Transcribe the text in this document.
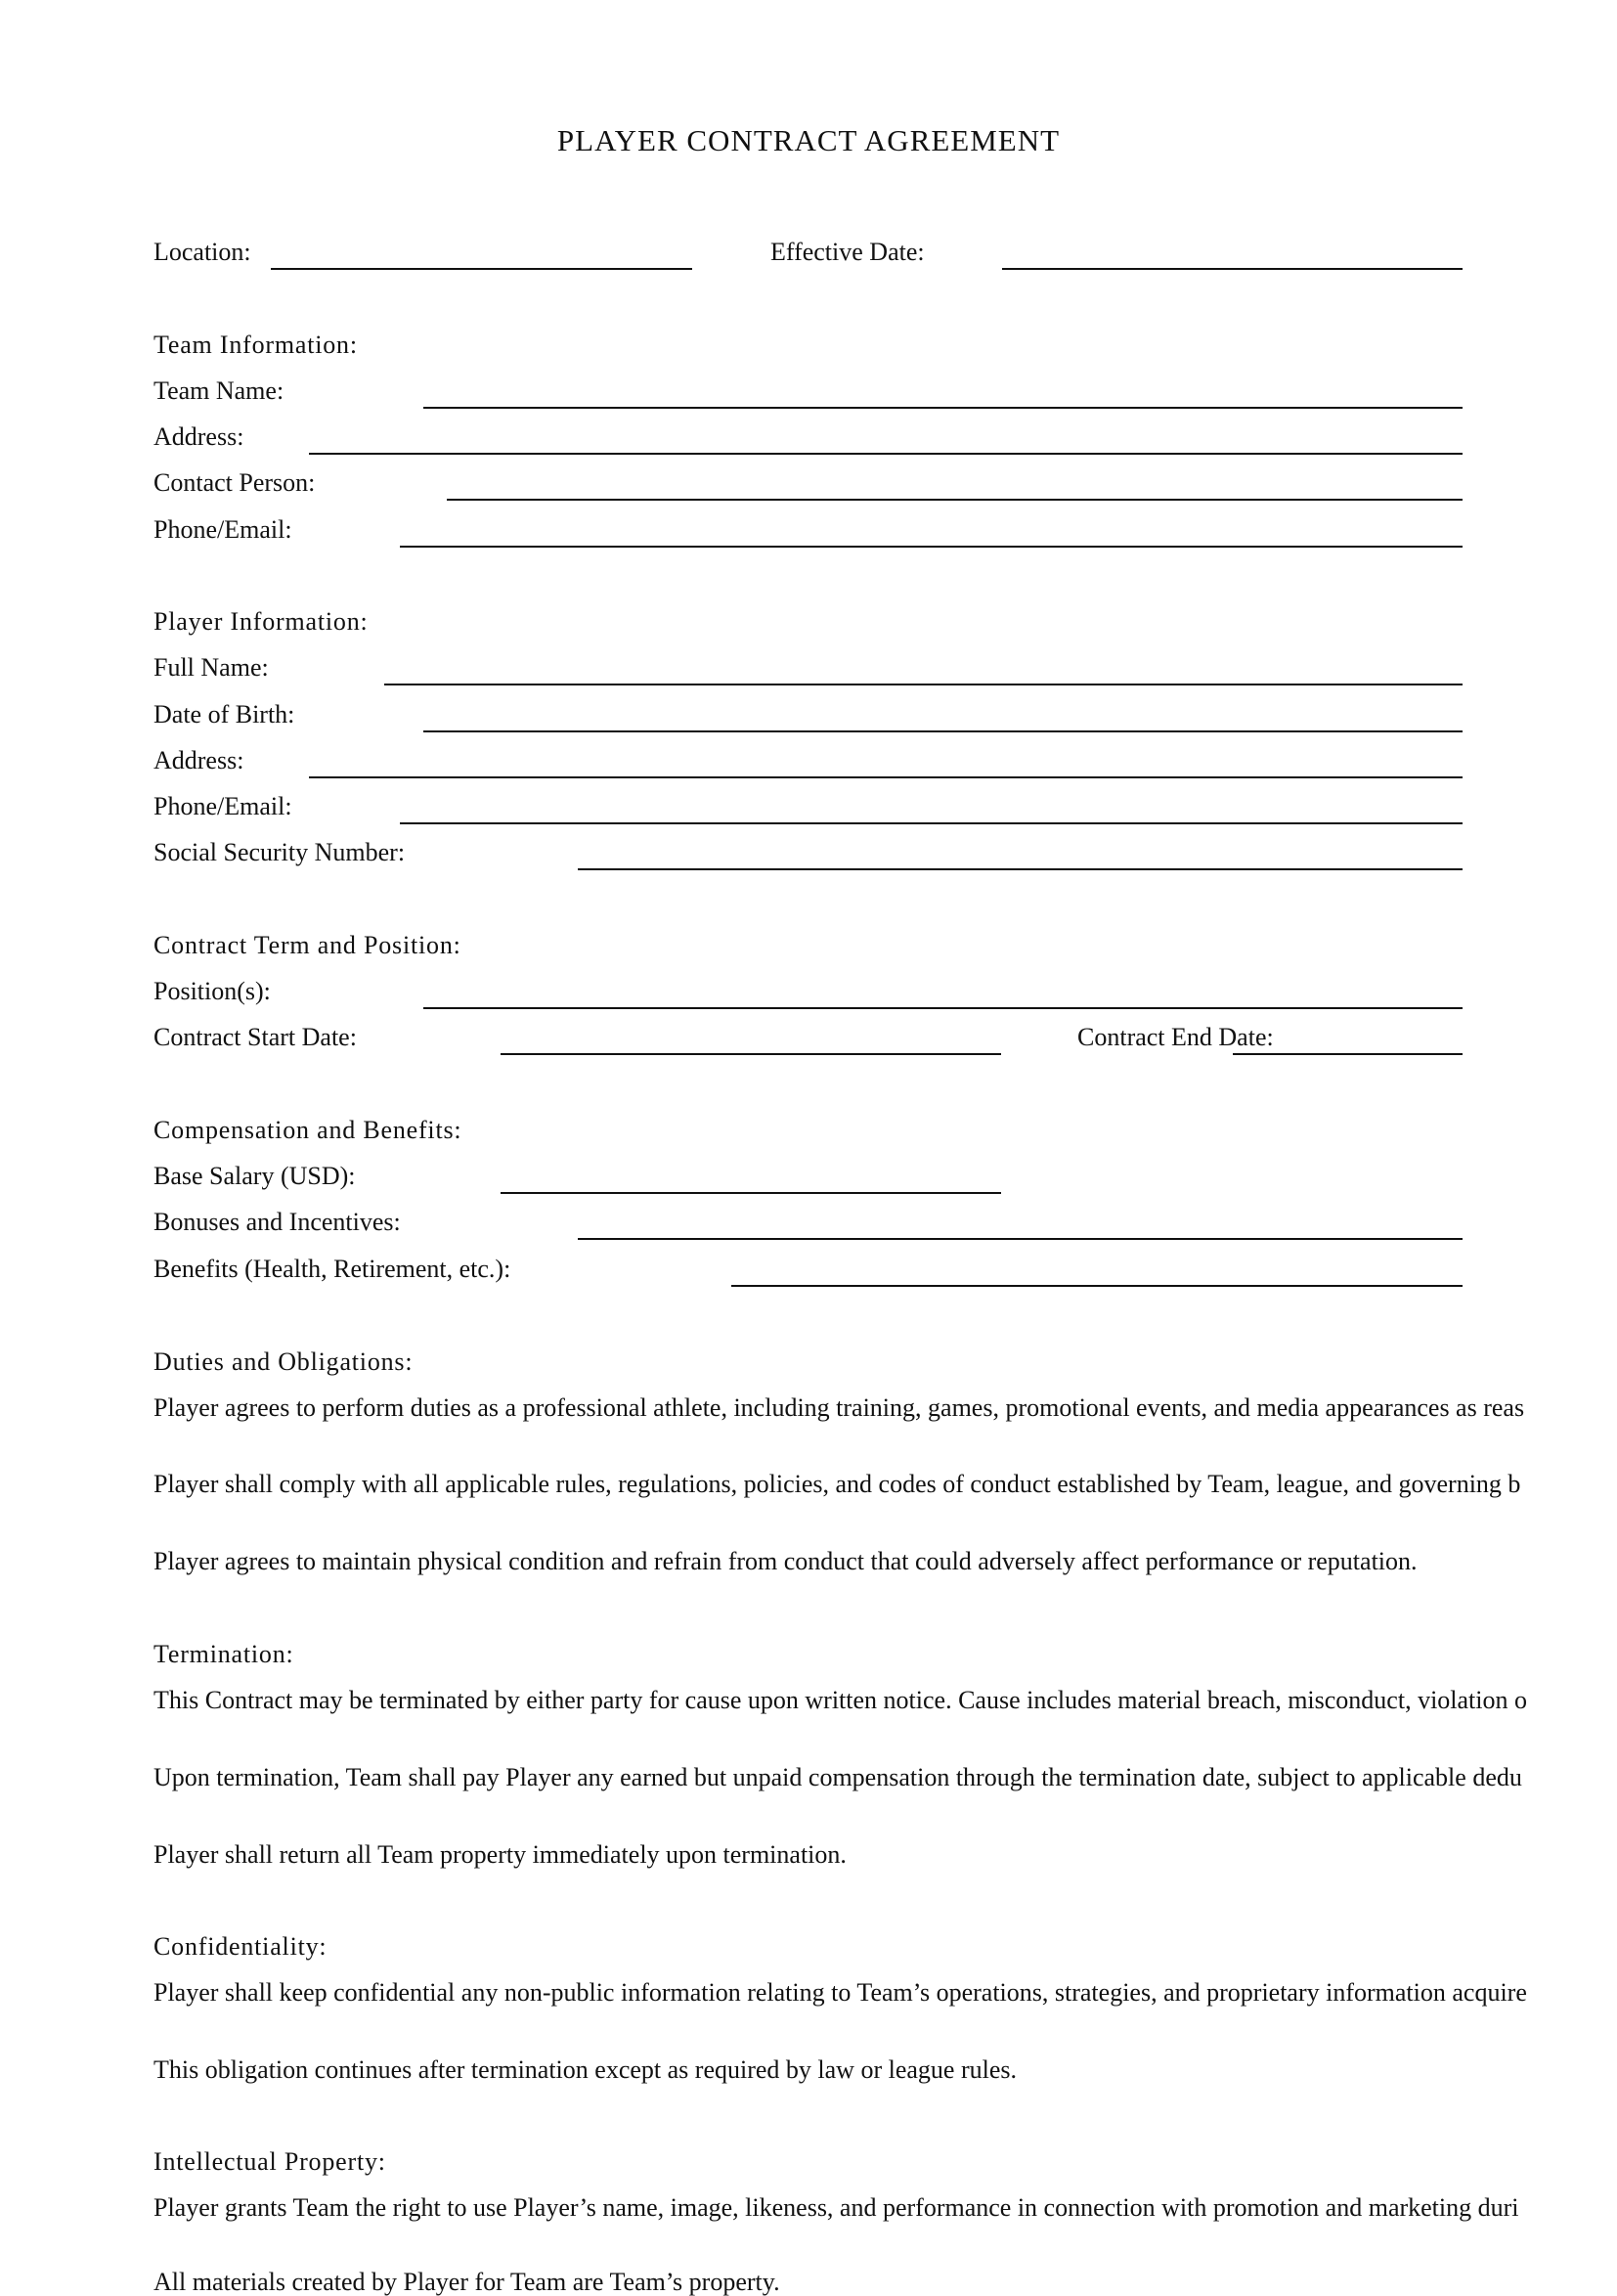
PLAYER CONTRACT AGREEMENT
Location:	Effective Date:
Team Information:
Team Name:
Address:
Contact Person:
Phone/Email:
Player Information:
Full Name:
Date of Birth:
Address:
Phone/Email:
Social Security Number:
Contract Term and Position:
Position(s):
Contract Start Date:	Contract End Date:
Compensation and Benefits:
Base Salary (USD):
Bonuses and Incentives:
Benefits (Health, Retirement, etc.):
Duties and Obligations:
Player agrees to perform duties as a professional athlete, including training, games, promotional events, and media appearances as reas
Player shall comply with all applicable rules, regulations, policies, and codes of conduct established by Team, league, and governing b
Player agrees to maintain physical condition and refrain from conduct that could adversely affect performance or reputation.
Termination:
This Contract may be terminated by either party for cause upon written notice. Cause includes material breach, misconduct, violation o
Upon termination, Team shall pay Player any earned but unpaid compensation through the termination date, subject to applicable dedu
Player shall return all Team property immediately upon termination.
Confidentiality:
Player shall keep confidential any non-public information relating to Team’s operations, strategies, and proprietary information acquire
This obligation continues after termination except as required by law or league rules.
Intellectual Property:
Player grants Team the right to use Player’s name, image, likeness, and performance in connection with promotion and marketing duri
All materials created by Player for Team are Team’s property.
